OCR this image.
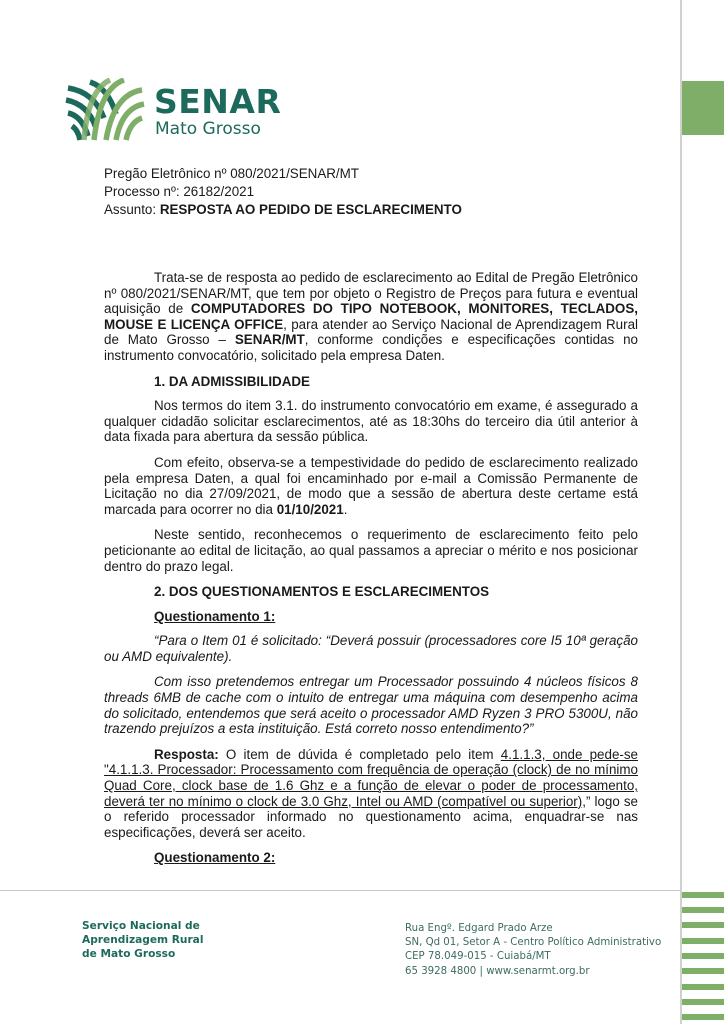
SENAR
Mato Grosso
Pregão Eletrônico nº 080/2021/SENAR/MT
Processo nº: 26182/2021
Assunto: RESPOSTA AO PEDIDO DE ESCLARECIMENTO

Trata-se de resposta ao pedido de esclarecimento ao Edital de Pregão Eletrônico nº 080/2021/SENAR/MT, que tem por objeto o Registro de Preços para futura e eventual aquisição de COMPUTADORES DO TIPO NOTEBOOK, MONITORES, TECLADOS, MOUSE E LICENÇA OFFICE, para atender ao Serviço Nacional de Aprendizagem Rural de Mato Grosso – SENAR/MT, conforme condições e especificações contidas no instrumento convocatório, solicitado pela empresa Daten.

1. DA ADMISSIBILIDADE

Nos termos do item 3.1. do instrumento convocatório em exame, é assegurado a qualquer cidadão solicitar esclarecimentos, até as 18:30hs do terceiro dia útil anterior à data fixada para abertura da sessão pública.

Com efeito, observa-se a tempestividade do pedido de esclarecimento realizado pela empresa Daten, a qual foi encaminhado por e-mail a Comissão Permanente de Licitação no dia 27/09/2021, de modo que a sessão de abertura deste certame está marcada para ocorrer no dia 01/10/2021.

Neste sentido, reconhecemos o requerimento de esclarecimento feito pelo peticionante ao edital de licitação, ao qual passamos a apreciar o mérito e nos posicionar dentro do prazo legal.

2. DOS QUESTIONAMENTOS E ESCLARECIMENTOS

Questionamento 1:

“Para o Item 01 é solicitado: “Deverá possuir (processadores core I5 10ª geração ou AMD equivalente).

Com isso pretendemos entregar um Processador possuindo 4 núcleos físicos 8 threads 6MB de cache com o intuito de entregar uma máquina com desempenho acima do solicitado, entendemos que será aceito o processador AMD Ryzen 3 PRO 5300U, não trazendo prejuízos a esta instituição. Está correto nosso entendimento?”

Resposta: O item de dúvida é completado pelo item 4.1.1.3, onde pede-se "4.1.1.3. Processador: Processamento com frequência de operação (clock) de no mínimo Quad Core, clock base de 1.6 Ghz e a função de elevar o poder de processamento, deverá ter no mínimo o clock de 3.0 Ghz, Intel ou AMD (compatível ou superior),” logo se o referido processador informado no questionamento acima, enquadrar-se nas especificações, deverá ser aceito.

Questionamento 2:

Serviço Nacional de
Aprendizagem Rural
de Mato Grosso
Rua Engº. Edgard Prado Arze
SN, Qd 01, Setor A - Centro Político Administrativo
CEP 78.049-015 - Cuiabá/MT
65 3928 4800 | www.senarmt.org.br
